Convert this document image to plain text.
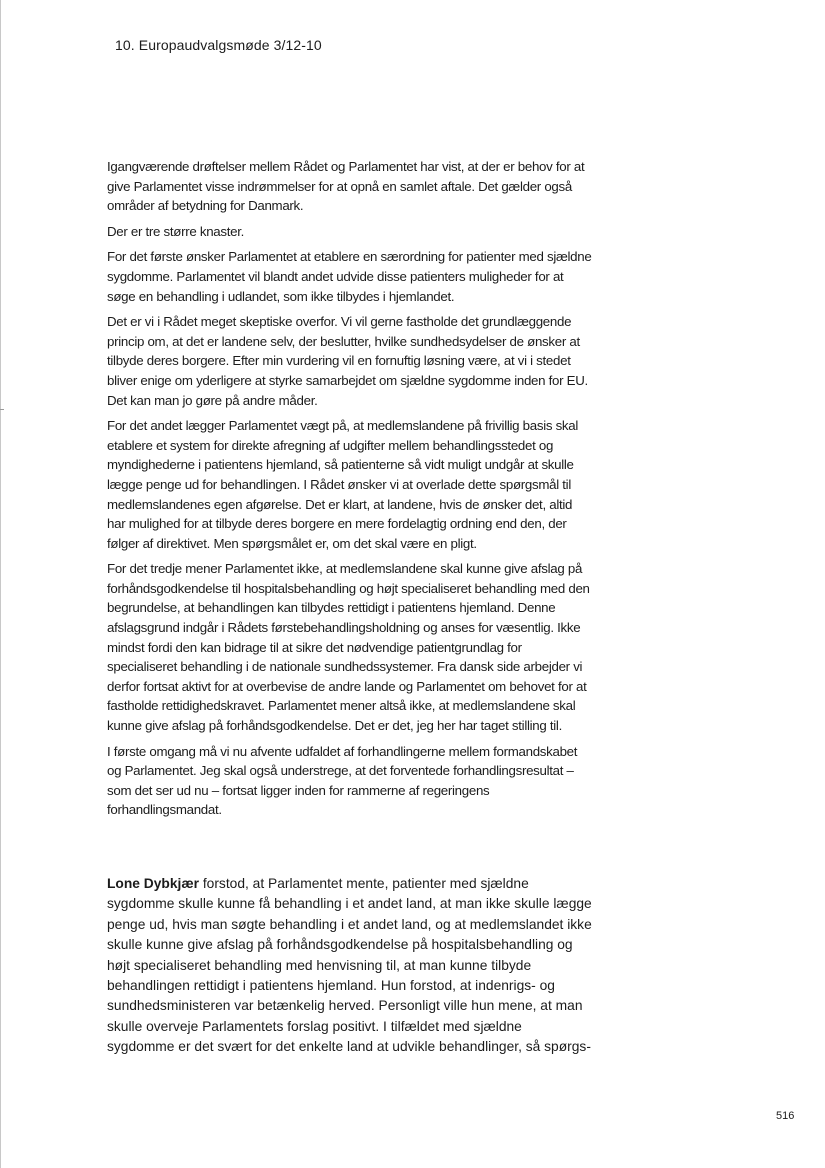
10. Europaudvalgsmøde 3/12-10

Igangværende drøftelser mellem Rådet og Parlamentet har vist, at der er behov for at give Parlamentet visse indrømmelser for at opnå en samlet aftale. Det gælder også områder af betydning for Danmark.

Der er tre større knaster.

For det første ønsker Parlamentet at etablere en særordning for patienter med sjældne sygdomme. Parlamentet vil blandt andet udvide disse patienters muligheder for at søge en behandling i udlandet, som ikke tilbydes i hjemlandet.

Det er vi i Rådet meget skeptiske overfor. Vi vil gerne fastholde det grundlæggende princip om, at det er landene selv, der beslutter, hvilke sundhedsydelser de ønsker at tilbyde deres borgere. Efter min vurdering vil en fornuftig løsning være, at vi i stedet bliver enige om yderligere at styrke samarbejdet om sjældne sygdomme inden for EU. Det kan man jo gøre på andre måder.

For det andet lægger Parlamentet vægt på, at medlemslandene på frivillig basis skal etablere et system for direkte afregning af udgifter mellem behandlingsstedet og myndighederne i patientens hjemland, så patienterne så vidt muligt undgår at skulle lægge penge ud for behandlingen. I Rådet ønsker vi at overlade dette spørgsmål til medlemslandenes egen afgørelse. Det er klart, at landene, hvis de ønsker det, altid har mulighed for at tilbyde deres borgere en mere fordelagtig ordning end den, der følger af direktivet. Men spørgsmålet er, om det skal være en pligt.

For det tredje mener Parlamentet ikke, at medlemslandene skal kunne give afslag på forhåndsgodkendelse til hospitalsbehandling og højt specialiseret behandling med den begrundelse, at behandlingen kan tilbydes rettidigt i patientens hjemland. Denne afslagsgrund indgår i Rådets førstebehandlingsholdning og anses for væsentlig. Ikke mindst fordi den kan bidrage til at sikre det nødvendige patientgrundlag for specialiseret behandling i de nationale sundhedssystemer. Fra dansk side arbejder vi derfor fortsat aktivt for at overbevise de andre lande og Parlamentet om behovet for at fastholde rettidighedskravet. Parlamentet mener altså ikke, at medlemslandene skal kunne give afslag på forhåndsgodkendelse. Det er det, jeg her har taget stilling til.

I første omgang må vi nu afvente udfaldet af forhandlingerne mellem formandskabet og Parlamentet. Jeg skal også understrege, at det forventede forhandlingsresultat – som det ser ud nu – fortsat ligger inden for rammerne af regeringens forhandlingsmandat.

Lone Dybkjær forstod, at Parlamentet mente, patienter med sjældne sygdomme skulle kunne få behandling i et andet land, at man ikke skulle lægge penge ud, hvis man søgte behandling i et andet land, og at medlemslandet ikke skulle kunne give afslag på forhåndsgodkendelse på hospitalsbehandling og højt specialiseret behandling med henvisning til, at man kunne tilbyde behandlingen rettidigt i patientens hjemland. Hun forstod, at indenrigs- og sundhedsministeren var betænkelig herved. Personligt ville hun mene, at man skulle overveje Parlamentets forslag positivt. I tilfældet med sjældne sygdomme er det svært for det enkelte land at udvikle behandlinger, så spørgs-

516
